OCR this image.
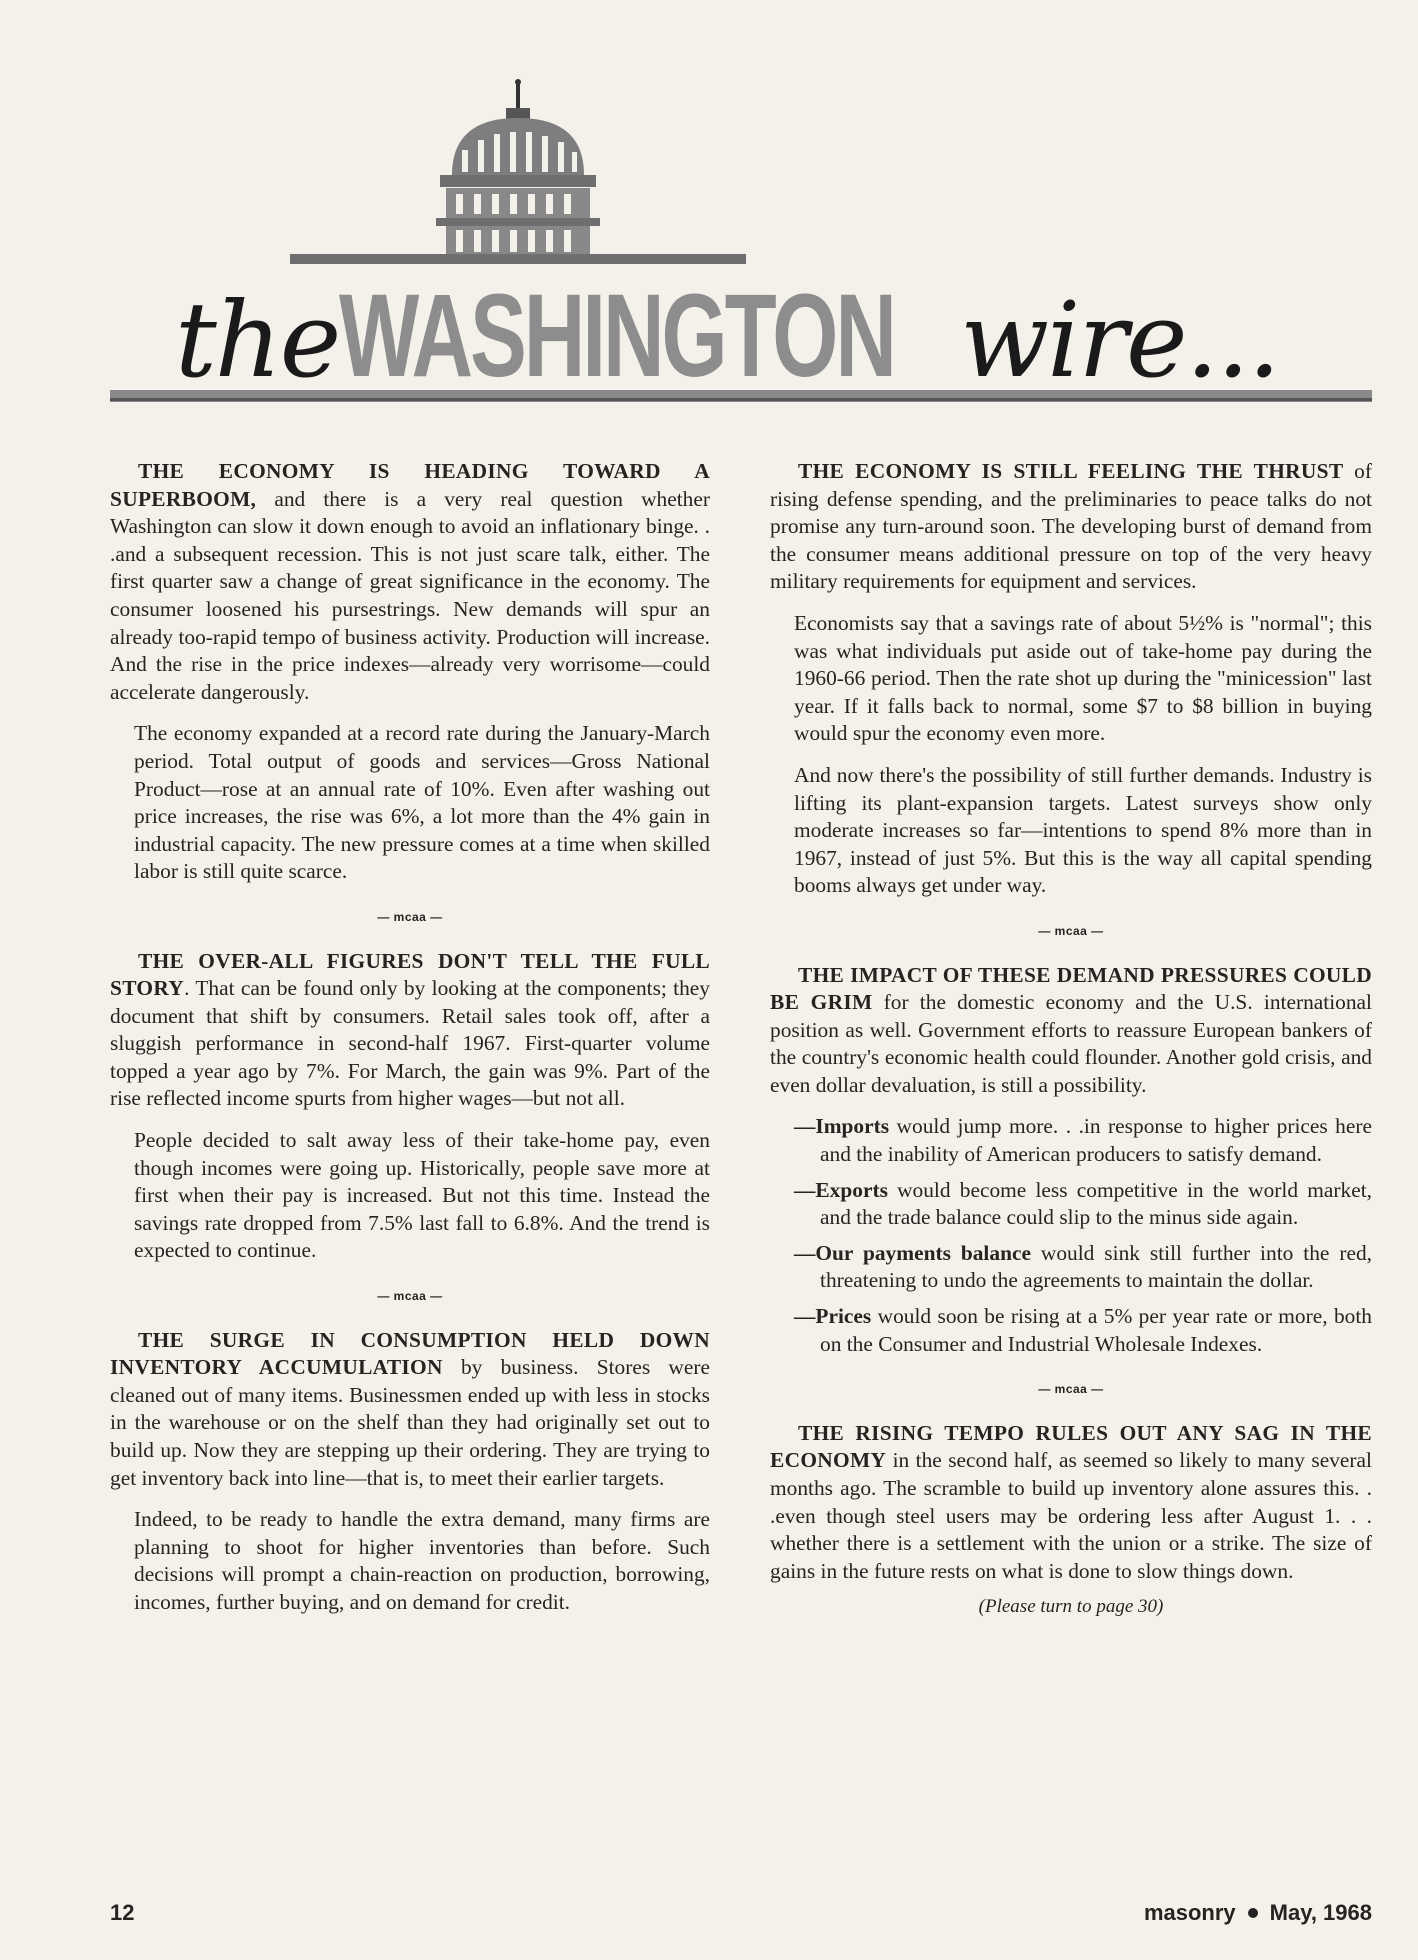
theWASHINGTON wire...

THE ECONOMY IS HEADING TOWARD A SUPERBOOM, and there is a very real question whether Washington can slow it down enough to avoid an inflationary binge. . .and a subsequent recession. This is not just scare talk, either. The first quarter saw a change of great significance in the economy. The consumer loosened his pursestrings. New demands will spur an already too-rapid tempo of business activity. Production will increase. And the rise in the price indexes—already very worrisome—could accelerate dangerously.

The economy expanded at a record rate during the January-March period. Total output of goods and services—Gross National Product—rose at an annual rate of 10%. Even after washing out price increases, the rise was 6%, a lot more than the 4% gain in industrial capacity. The new pressure comes at a time when skilled labor is still quite scarce.

— mcaa —

THE OVER-ALL FIGURES DON'T TELL THE FULL STORY. That can be found only by looking at the components; they document that shift by consumers. Retail sales took off, after a sluggish performance in second-half 1967. First-quarter volume topped a year ago by 7%. For March, the gain was 9%. Part of the rise reflected income spurts from higher wages—but not all.

People decided to salt away less of their take-home pay, even though incomes were going up. Historically, people save more at first when their pay is increased. But not this time. Instead the savings rate dropped from 7.5% last fall to 6.8%. And the trend is expected to continue.

— mcaa —

THE SURGE IN CONSUMPTION HELD DOWN INVENTORY ACCUMULATION by business. Stores were cleaned out of many items. Businessmen ended up with less in stocks in the warehouse or on the shelf than they had originally set out to build up. Now they are stepping up their ordering. They are trying to get inventory back into line—that is, to meet their earlier targets.

Indeed, to be ready to handle the extra demand, many firms are planning to shoot for higher inventories than before. Such decisions will prompt a chain-reaction on production, borrowing, incomes, further buying, and on demand for credit.

THE ECONOMY IS STILL FEELING THE THRUST of rising defense spending, and the preliminaries to peace talks do not promise any turn-around soon. The developing burst of demand from the consumer means additional pressure on top of the very heavy military requirements for equipment and services.

Economists say that a savings rate of about 5½% is "normal"; this was what individuals put aside out of take-home pay during the 1960-66 period. Then the rate shot up during the "minicession" last year. If it falls back to normal, some $7 to $8 billion in buying would spur the economy even more.

And now there's the possibility of still further demands. Industry is lifting its plant-expansion targets. Latest surveys show only moderate increases so far—intentions to spend 8% more than in 1967, instead of just 5%. But this is the way all capital spending booms always get under way.

— mcaa —

THE IMPACT OF THESE DEMAND PRESSURES COULD BE GRIM for the domestic economy and the U.S. international position as well. Government efforts to reassure European bankers of the country's economic health could flounder. Another gold crisis, and even dollar devaluation, is still a possibility.

—Imports would jump more. . .in response to higher prices here and the inability of American producers to satisfy demand.

—Exports would become less competitive in the world market, and the trade balance could slip to the minus side again.

—Our payments balance would sink still further into the red, threatening to undo the agreements to maintain the dollar.

—Prices would soon be rising at a 5% per year rate or more, both on the Consumer and Industrial Wholesale Indexes.

— mcaa —

THE RISING TEMPO RULES OUT ANY SAG IN THE ECONOMY in the second half, as seemed so likely to many several months ago. The scramble to build up inventory alone assures this. . .even though steel users may be ordering less after August 1. . . whether there is a settlement with the union or a strike. The size of gains in the future rests on what is done to slow things down.

(Please turn to page 30)

12	masonry May, 1968
